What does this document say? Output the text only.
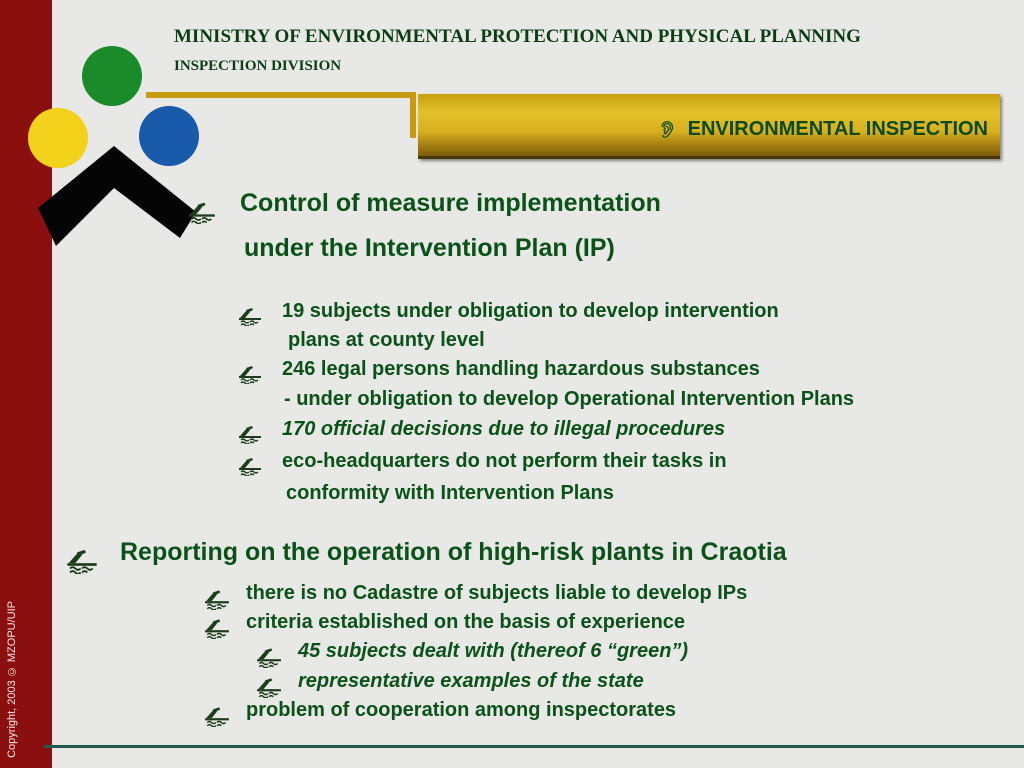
Copyright, 2003 © MZOPU/UIP
MINISTRY OF ENVIRONMENTAL PROTECTION AND PHYSICAL PLANNING
INSPECTION DIVISION
👂︎ ENVIRONMENTAL INSPECTION
Control of measure implementation
under the Intervention Plan (IP)
19 subjects under obligation to develop intervention
plans at county level
246 legal persons handling hazardous substances
- under obligation to develop Operational Intervention Plans
170 official decisions due to illegal procedures
eco-headquarters do not perform their tasks in
conformity with Intervention Plans
Reporting on the operation of high-risk plants in Craotia
there is no Cadastre of subjects liable to develop IPs
criteria established on the basis of experience
45 subjects dealt with (thereof 6 “green”)
representative examples of the state
problem of cooperation among inspectorates
